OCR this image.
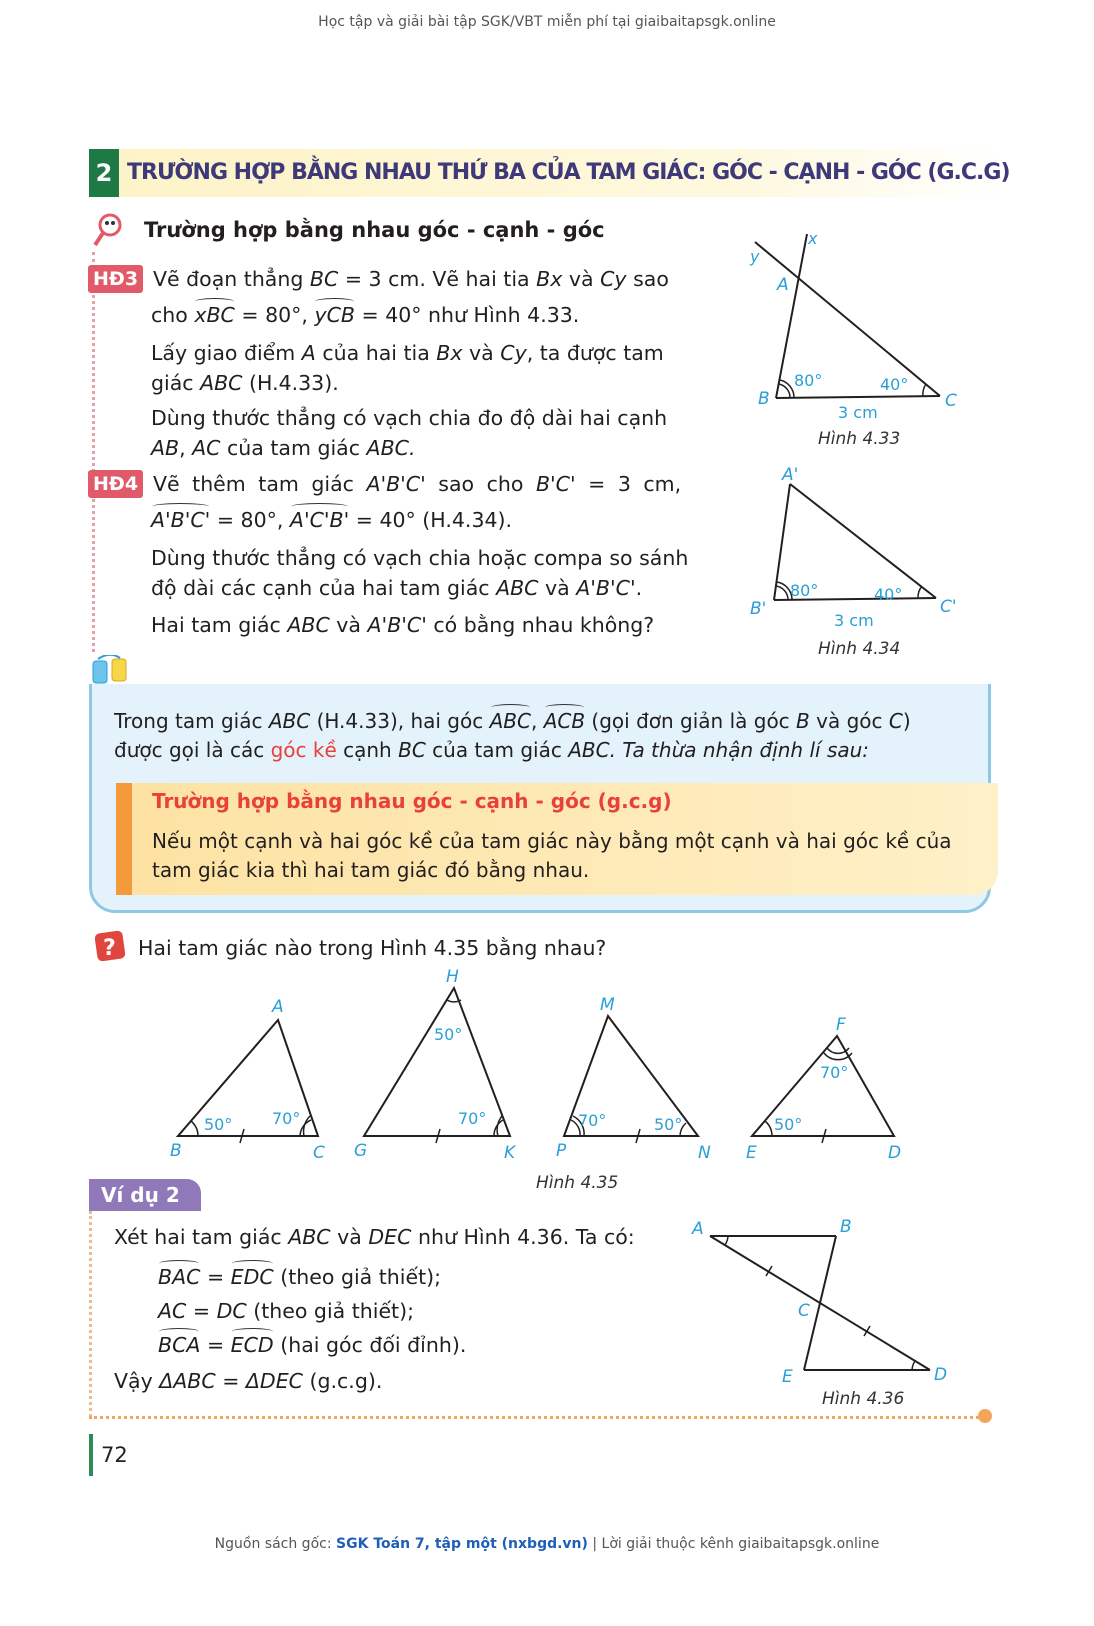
Học tập và giải bài tập SGK/VBT miễn phí tại giaibaitapsgk.online
2 TRƯỜNG HỢP BẰNG NHAU THỨ BA CỦA TAM GIÁC: GÓC - CẠNH - GÓC (G.C.G)
Trường hợp bằng nhau góc - cạnh - góc
HĐ3 Vẽ đoạn thẳng BC = 3 cm. Vẽ hai tia Bx và Cy sao
cho xBC = 80°, yCB = 40° như Hình 4.33.
Lấy giao điểm A của hai tia Bx và Cy, ta được tam giác ABC (H.4.33).
Dùng thước thẳng có vạch chia đo độ dài hai cạnh AB, AC của tam giác ABC.
HĐ4 Vẽ thêm tam giác A'B'C' sao cho B'C' = 3 cm,
A'B'C' = 80°, A'C'B' = 40° (H.4.34).
Dùng thước thẳng có vạch chia hoặc compa so sánh
độ dài các cạnh của hai tam giác ABC và A'B'C'.
Hai tam giác ABC và A'B'C' có bằng nhau không?
x
y
A
B	C
80°	40°
3 cm
Hình 4.33
A'
B'	C'
80°	40°
3 cm
Hình 4.34
Trong tam giác ABC (H.4.33), hai góc ABC, ACB (gọi đơn giản là góc B và góc C)
được gọi là các góc kề cạnh BC của tam giác ABC. Ta thừa nhận định lí sau:
Trường hợp bằng nhau góc - cạnh - góc (g.c.g)
Nếu một cạnh và hai góc kề của tam giác này bằng một cạnh và hai góc kề của
tam giác kia thì hai tam giác đó bằng nhau.
? Hai tam giác nào trong Hình 4.35 bằng nhau?
A
B	C
50° 70°
H
G	K
50°
70°
M
P	N
70°	50°
F
E	D
70°
50°
Hình 4.35
Ví dụ 2
Xét hai tam giác ABC và DEC như Hình 4.36. Ta có:
BAC = EDC (theo giả thiết);
AC = DC (theo giả thiết);
BCA = ECD (hai góc đối đỉnh).
Vậy ΔABC = ΔDEC (g.c.g).
A	B
C
D
E
Hình 4.36
72
Nguồn sách gốc: SGK Toán 7, tập một (nxbgd.vn) | Lời giải thuộc kênh giaibaitapsgk.online
